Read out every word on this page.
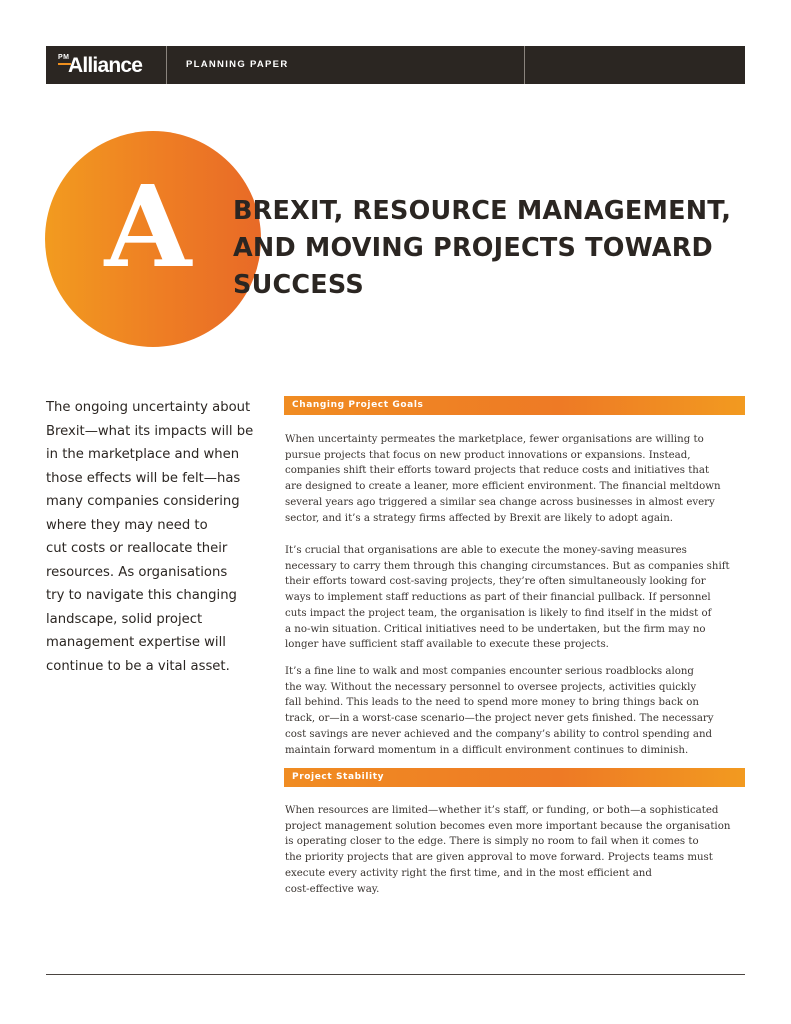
PM
Alliance	PLANNING PAPER
A BREXIT, RESOURCE MANAGEMENT,
AND MOVING PROJECTS TOWARD
SUCCESS

The ongoing uncertainty about
Brexit—what its impacts will be
in the marketplace and when
those effects will be felt—has
many companies considering
where they may need to
cut costs or reallocate their
resources. As organisations
try to navigate this changing
landscape, solid project
management expertise will
continue to be a vital asset.

Changing Project Goals

When uncertainty permeates the marketplace, fewer organisations are willing to
pursue projects that focus on new product innovations or expansions. Instead,
companies shift their efforts toward projects that reduce costs and initiatives that
are designed to create a leaner, more efficient environment. The financial meltdown
several years ago triggered a similar sea change across businesses in almost every
sector, and it’s a strategy firms affected by Brexit are likely to adopt again.

It’s crucial that organisations are able to execute the money-saving measures
necessary to carry them through this changing circumstances. But as companies shift
their efforts toward cost-saving projects, they’re often simultaneously looking for
ways to implement staff reductions as part of their financial pullback. If personnel
cuts impact the project team, the organisation is likely to find itself in the midst of
a no-win situation. Critical initiatives need to be undertaken, but the firm may no
longer have sufficient staff available to execute these projects.

It’s a fine line to walk and most companies encounter serious roadblocks along
the way. Without the necessary personnel to oversee projects, activities quickly
fall behind. This leads to the need to spend more money to bring things back on
track, or—in a worst-case scenario—the project never gets finished. The necessary
cost savings are never achieved and the company’s ability to control spending and
maintain forward momentum in a difficult environment continues to diminish.

Project Stability

When resources are limited—whether it’s staff, or funding, or both—a sophisticated
project management solution becomes even more important because the organisation
is operating closer to the edge. There is simply no room to fail when it comes to
the priority projects that are given approval to move forward. Projects teams must
execute every activity right the first time, and in the most efficient and
cost-effective way.
